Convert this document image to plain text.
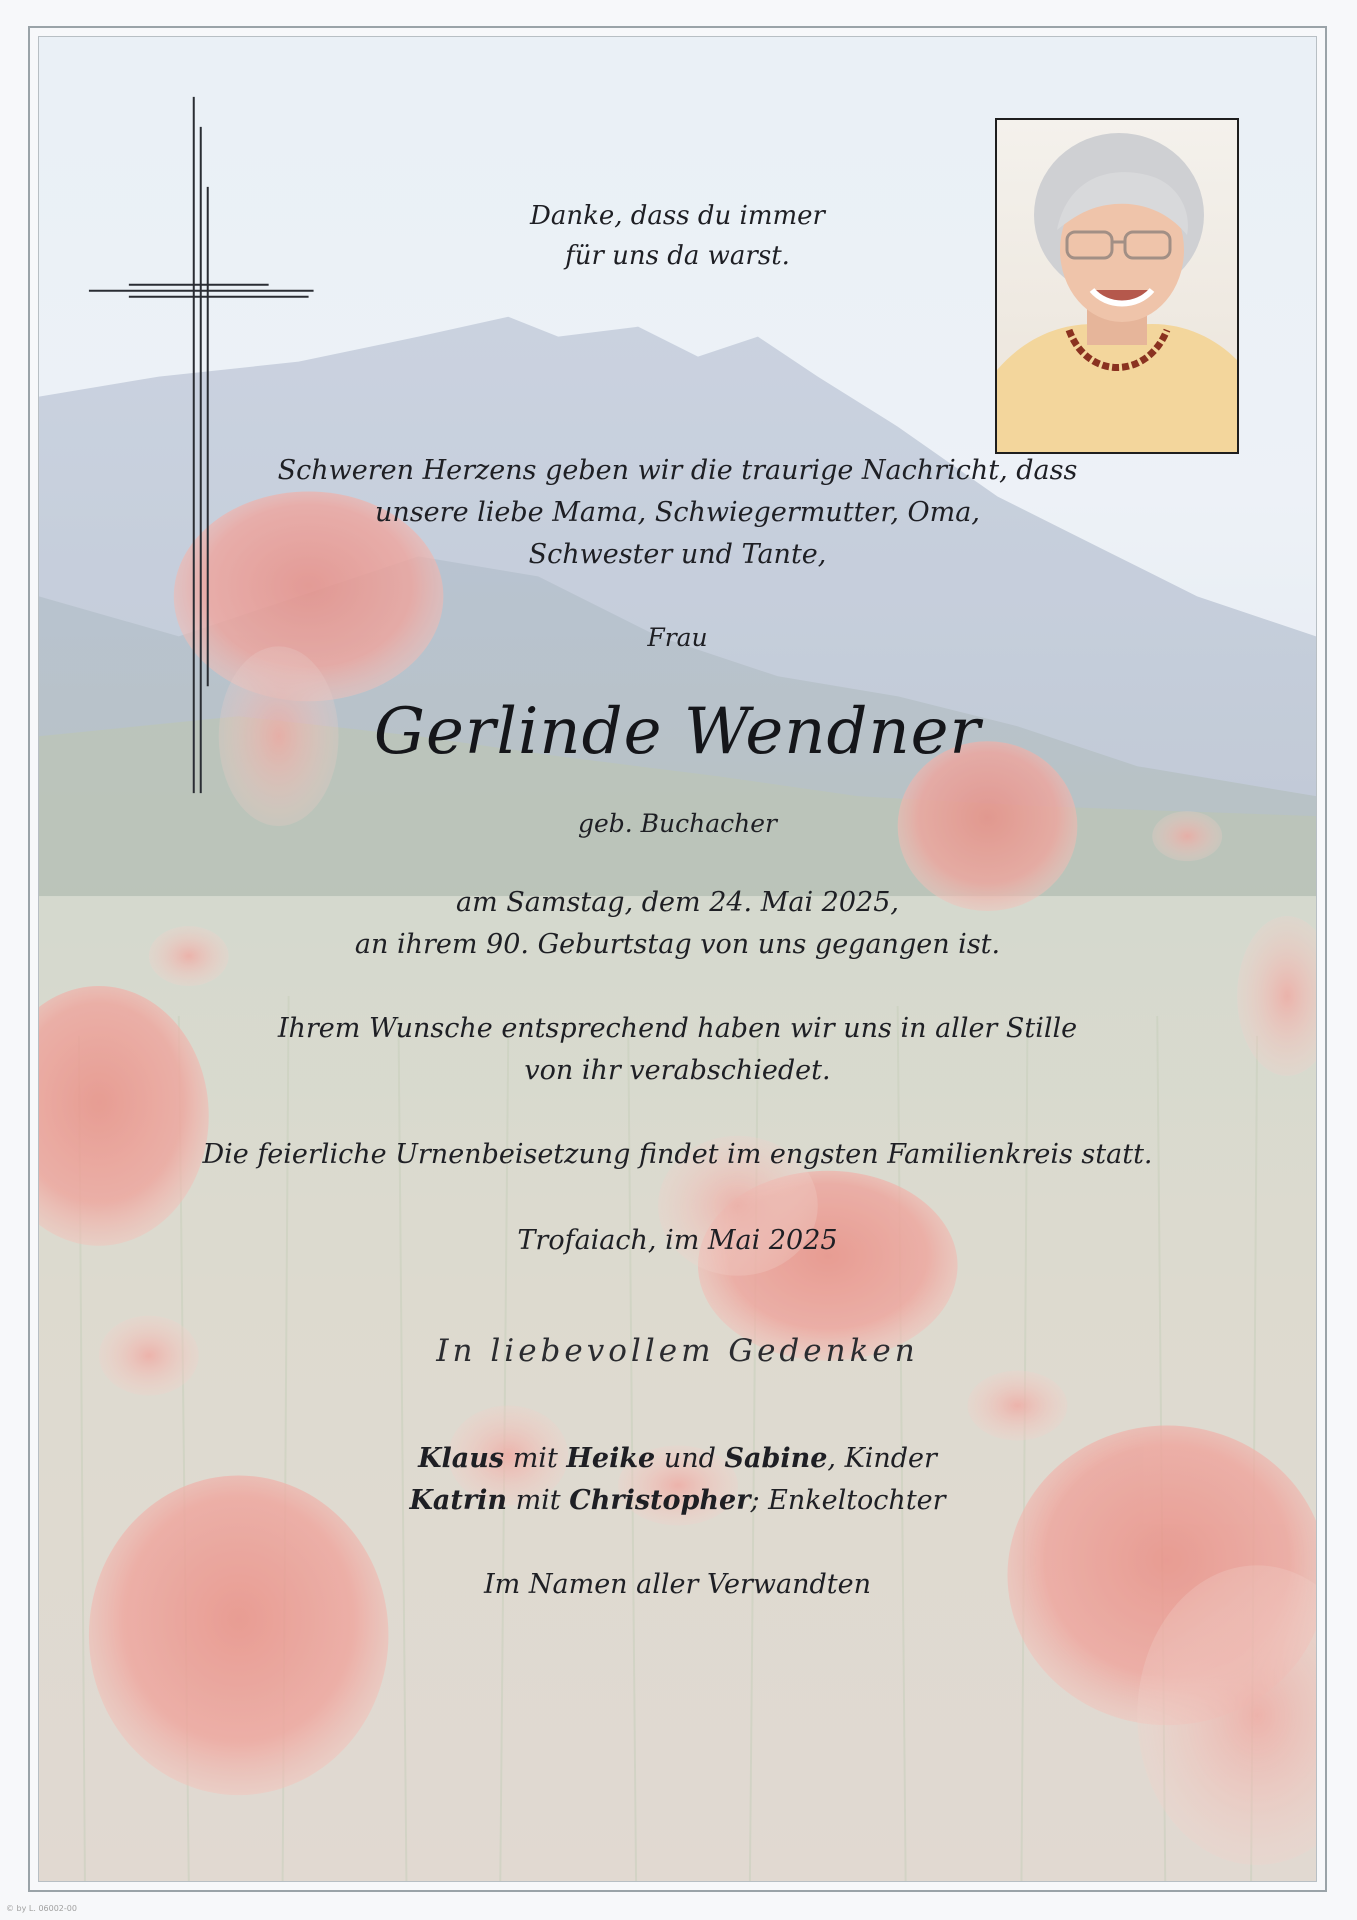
Danke, dass du immer
für uns da warst.
Schweren Herzens geben wir die traurige Nachricht, dass
unsere liebe Mama, Schwiegermutter, Oma,
Schwester und Tante,
Frau
Gerlinde Wendner
geb. Buchacher
am Samstag, dem 24. Mai 2025,
an ihrem 90. Geburtstag von uns gegangen ist.
Ihrem Wunsche entsprechend haben wir uns in aller Stille
von ihr verabschiedet.
Die feierliche Urnenbeisetzung findet im engsten Familienkreis statt.
Trofaiach, im Mai 2025
In liebevollem Gedenken
Klaus mit Heike und Sabine, Kinder
Katrin mit Christopher; Enkeltochter
Im Namen aller Verwandten
© by L. 06002-00
